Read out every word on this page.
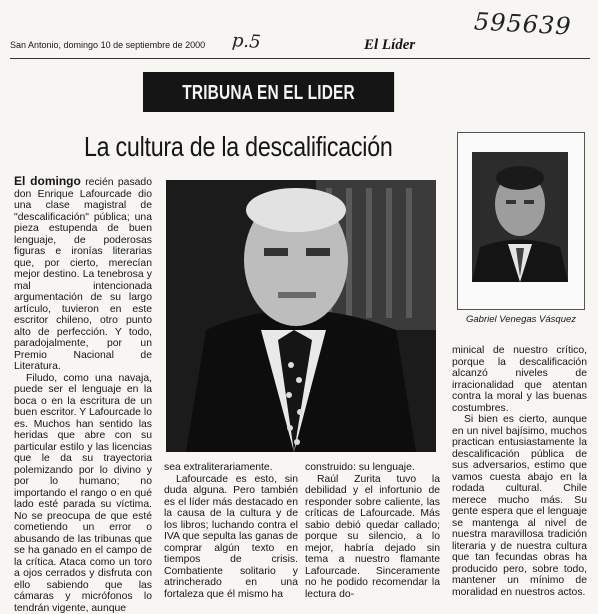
San Antonio, domingo 10 de septiembre de 2000 p.5	El Líder
595639
TRIBUNA EN EL LIDER
La cultura de la descalificación

El domingo recién pasado don Enrique Lafourcade dio una clase magistral de "descalificación" pública; una pieza estupenda de buen lenguaje, de poderosas figuras e ironías literarias que, por cierto, merecían mejor destino. La tenebrosa y mal intencionada argumentación de su largo artículo, tuvieron en este escritor chileno, otro punto alto de perfección. Y todo, paradojalmente, por un Premio Nacional de Literatura.

Filudo, como una navaja, puede ser el lenguaje en la boca o en la escritura de un buen escritor. Y Lafourcade lo es. Muchos han sentido las heridas que abre con su particular estilo y las licencias que le da su trayectoria polemizando por lo divino y por lo humano; no importando el rango o en qué lado esté parada su víctima. No se preocupa de que esté cometiendo un error o abusando de las tribunas que se ha ganado en el campo de la crítica. Ataca como un toro a ojos cerrados y disfruta con ello sabiendo que las cámaras y micrófonos lo tendrán vigente, aunque

sea extraliterariamente.

Lafourcade es esto, sin duda alguna. Pero también es el líder más destacado en la causa de la cultura y de los libros; luchando contra el IVA que sepulta las ganas de comprar algún texto en tiempos de crisis. Combatiente solitario y atrincherado en una fortaleza que él mismo ha

construido: su lenguaje.

Raúl Zurita tuvo la debilidad y el infortunio de responder sobre caliente, las críticas de Lafourcade. Más sabio debió quedar callado; porque su silencio, a lo mejor, habría dejado sin tema a nuestro flamante Lafourcade. Sinceramente no he podido recomendar la lectura do-

Gabriel Venegas Vásquez

minical de nuestro crítico, porque la descalificación alcanzó niveles de irracionalidad que atentan contra la moral y las buenas costumbres.

Si bien es cierto, aunque en un nivel bajísimo, muchos practican entusiastamente la descalificación pública de sus adversarios, estimo que vamos cuesta abajo en la rodada cultural. Chile merece mucho más. Su gente espera que el lenguaje se mantenga al nivel de nuestra maravillosa tradición literaria y de nuestra cultura que tan fecundas obras ha producido pero, sobre todo, mantener un mínimo de moralidad en nuestros actos.
